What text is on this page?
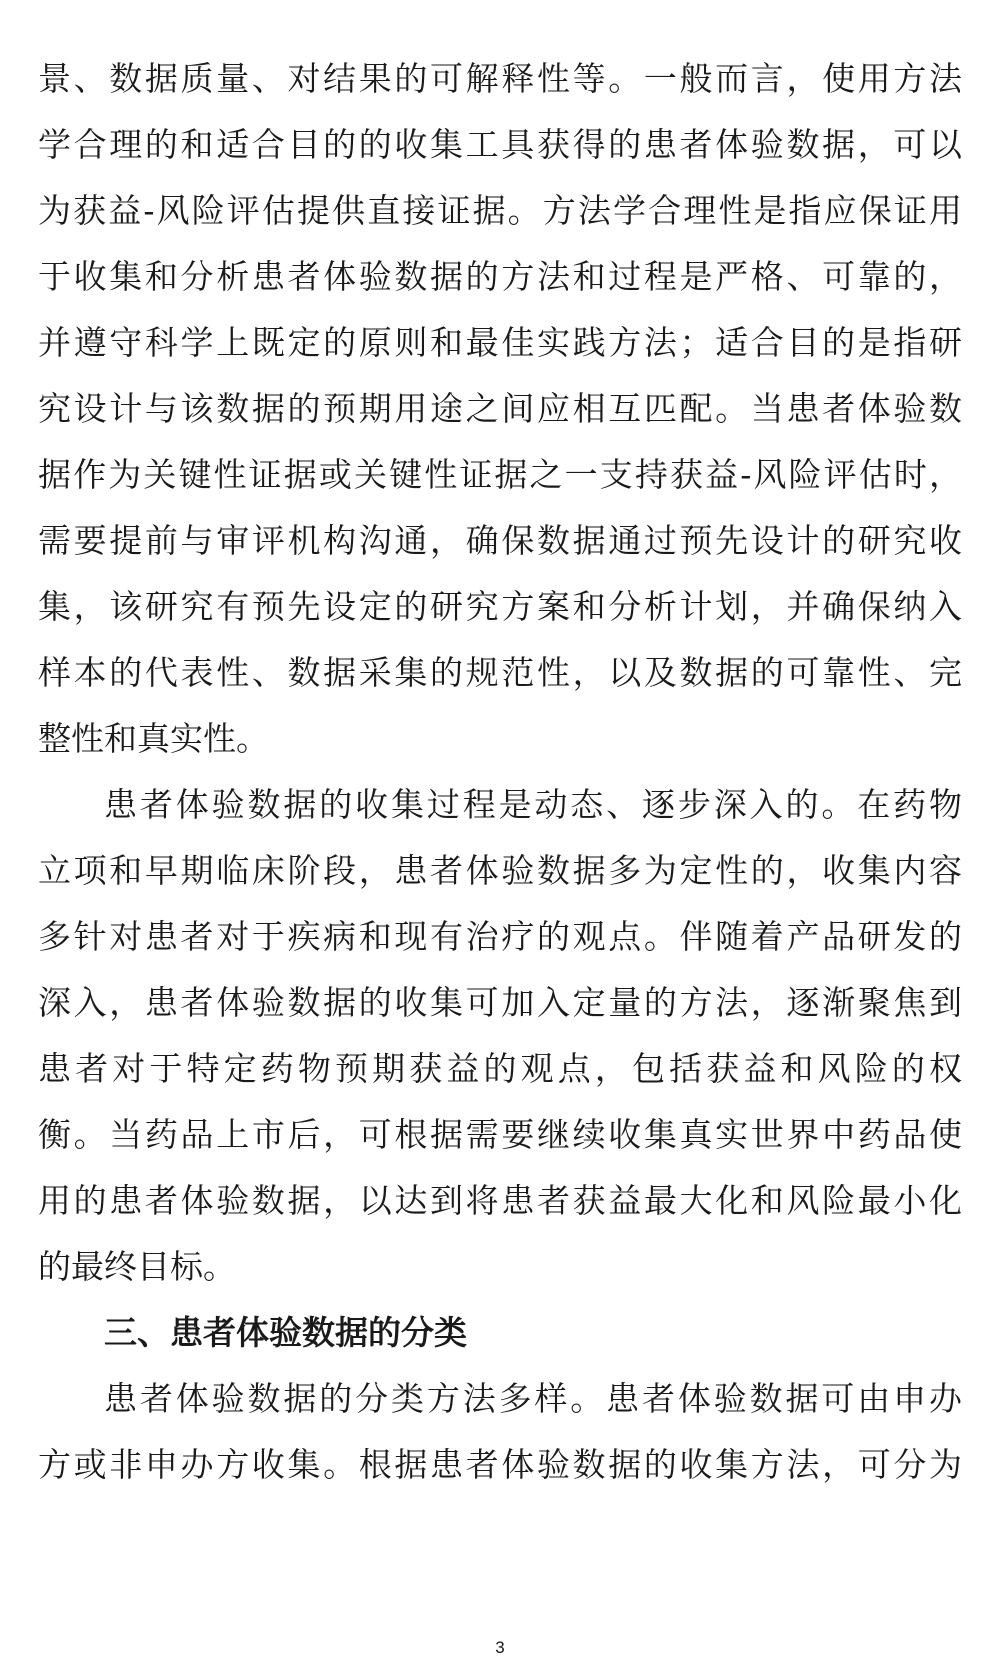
景、数据质量、对结果的可解释性等。一般而言，使用方法
学合理的和适合目的的收集工具获得的患者体验数据，可以
为获益-风险评估提供直接证据。方法学合理性是指应保证用
于收集和分析患者体验数据的方法和过程是严格、可靠的，
并遵守科学上既定的原则和最佳实践方法；适合目的是指研
究设计与该数据的预期用途之间应相互匹配。当患者体验数
据作为关键性证据或关键性证据之一支持获益-风险评估时，
需要提前与审评机构沟通，确保数据通过预先设计的研究收
集，该研究有预先设定的研究方案和分析计划，并确保纳入
样本的代表性、数据采集的规范性，以及数据的可靠性、完
整性和真实性。
患者体验数据的收集过程是动态、逐步深入的。在药物
立项和早期临床阶段，患者体验数据多为定性的，收集内容
多针对患者对于疾病和现有治疗的观点。伴随着产品研发的
深入，患者体验数据的收集可加入定量的方法，逐渐聚焦到
患者对于特定药物预期获益的观点，包括获益和风险的权
衡。当药品上市后，可根据需要继续收集真实世界中药品使
用的患者体验数据，以达到将患者获益最大化和风险最小化
的最终目标。
三、患者体验数据的分类
患者体验数据的分类方法多样。患者体验数据可由申办
方或非申办方收集。根据患者体验数据的收集方法，可分为
3
